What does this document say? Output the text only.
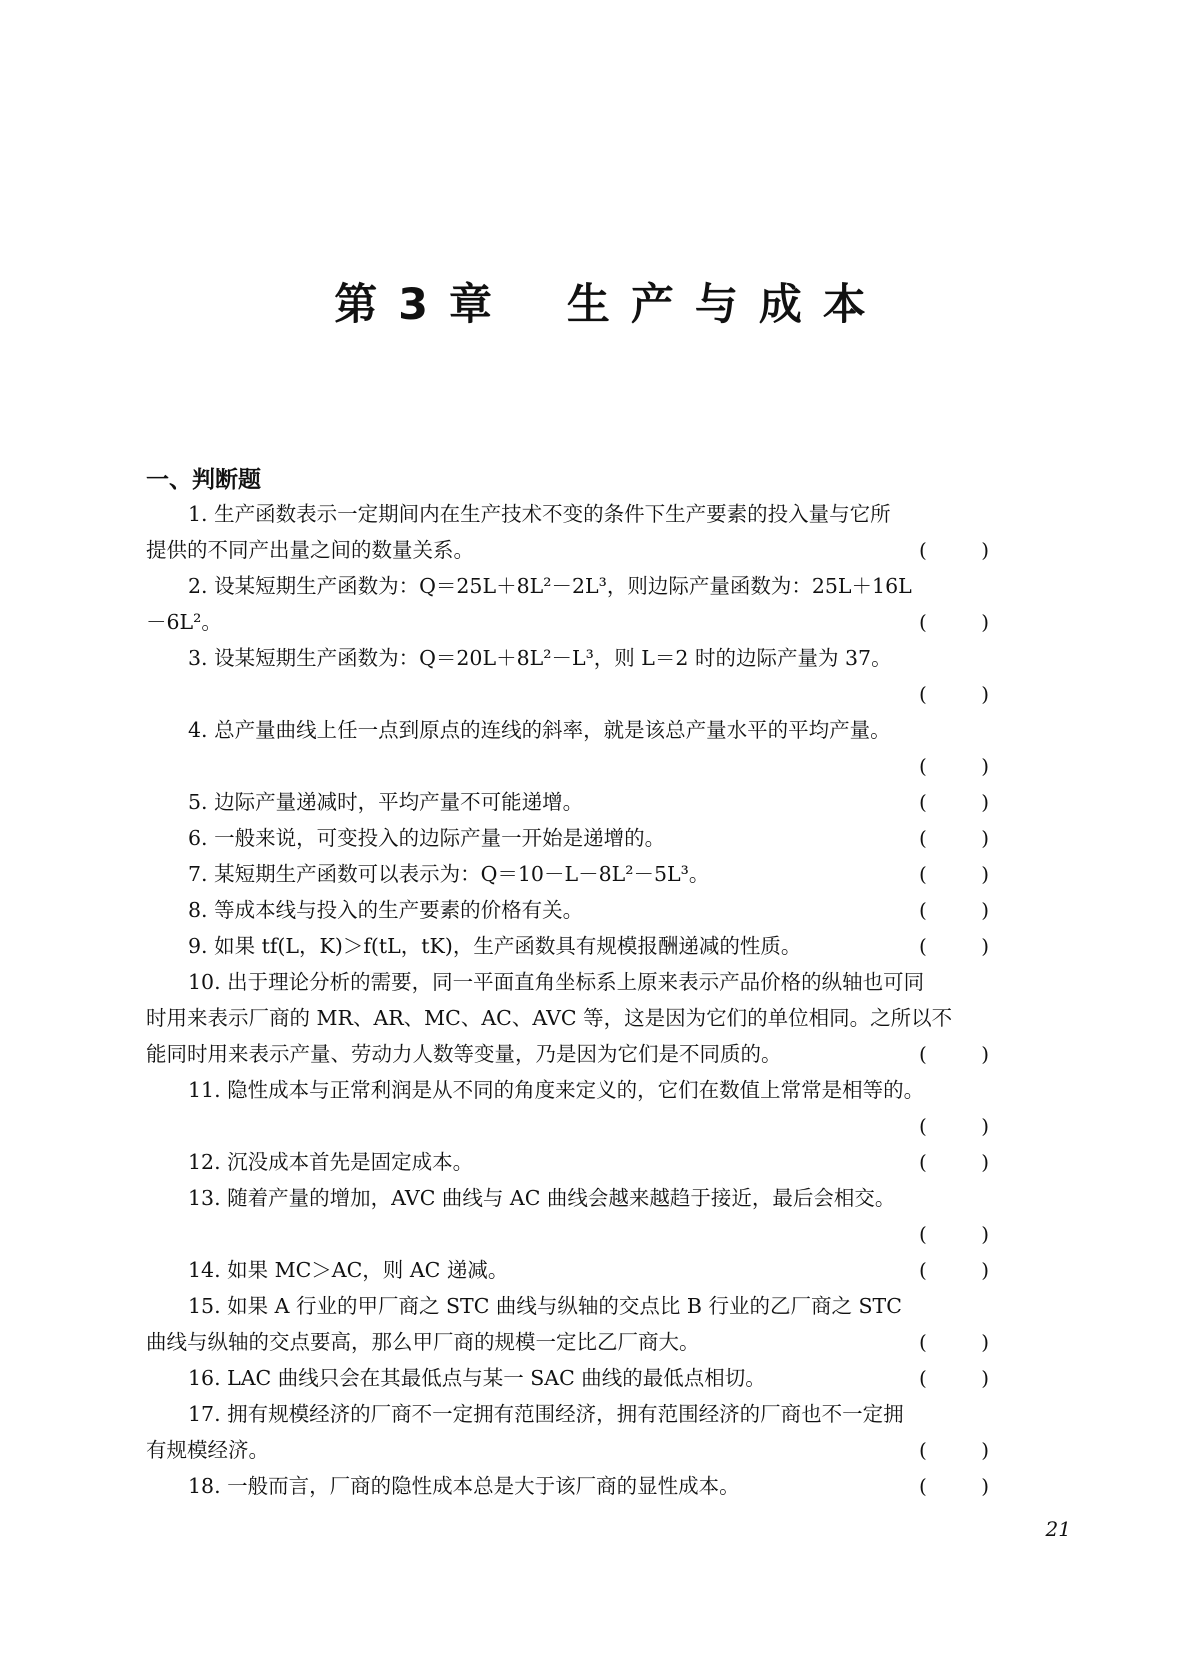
第 3 章    生 产 与 成 本
一、判断题
1. 生产函数表示一定期间内在生产技术不变的条件下生产要素的投入量与它所
提供的不同产出量之间的数量关系。	(	)
2. 设某短期生产函数为：Q＝25L＋8L²－2L³，则边际产量函数为：25L＋16L
－6L²。	(	)
3. 设某短期生产函数为：Q＝20L＋8L²－L³，则 L＝2 时的边际产量为 37。
(	)
4. 总产量曲线上任一点到原点的连线的斜率，就是该总产量水平的平均产量。
(	)
5. 边际产量递减时，平均产量不可能递增。	(	)
6. 一般来说，可变投入的边际产量一开始是递增的。	(	)
7. 某短期生产函数可以表示为：Q＝10－L－8L²－5L³。	(	)
8. 等成本线与投入的生产要素的价格有关。	(	)
9. 如果 tf(L，K)＞f(tL，tK)，生产函数具有规模报酬递减的性质。	(	)
10. 出于理论分析的需要，同一平面直角坐标系上原来表示产品价格的纵轴也可同
时用来表示厂商的 MR、AR、MC、AC、AVC 等，这是因为它们的单位相同。之所以不
能同时用来表示产量、劳动力人数等变量，乃是因为它们是不同质的。	(	)
11. 隐性成本与正常利润是从不同的角度来定义的，它们在数值上常常是相等的。
(	)
12. 沉没成本首先是固定成本。	(	)
13. 随着产量的增加，AVC 曲线与 AC 曲线会越来越趋于接近，最后会相交。
(	)
14. 如果 MC＞AC，则 AC 递减。	(	)
15. 如果 A 行业的甲厂商之 STC 曲线与纵轴的交点比 B 行业的乙厂商之 STC
曲线与纵轴的交点要高，那么甲厂商的规模一定比乙厂商大。	(	)
16. LAC 曲线只会在其最低点与某一 SAC 曲线的最低点相切。	(	)
17. 拥有规模经济的厂商不一定拥有范围经济，拥有范围经济的厂商也不一定拥
有规模经济。	(	)
18. 一般而言，厂商的隐性成本总是大于该厂商的显性成本。	(	)
21
